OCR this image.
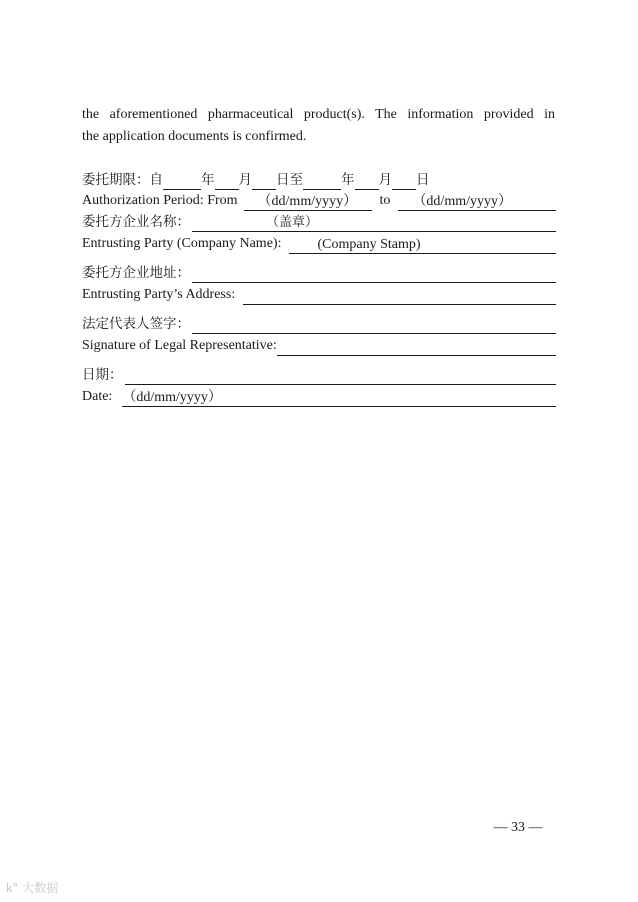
the aforementioned pharmaceutical product(s). The information provided in
the application documents is confirmed.
委托期限：自	年 月 日至	年 月 日
Authorization Period: From	（dd/mm/yyyy）	to	（dd/mm/yyyy）
委托方企业名称：	（盖章）
Entrusting Party (Company Name):	(Company Stamp)
委托方企业地址：
Entrusting Party’s Address:
法定代表人签字：
Signature of Legal Representative:
日期：
Date: （dd/mm/yyyy）
— 33 —
ꝃ° 大数据
